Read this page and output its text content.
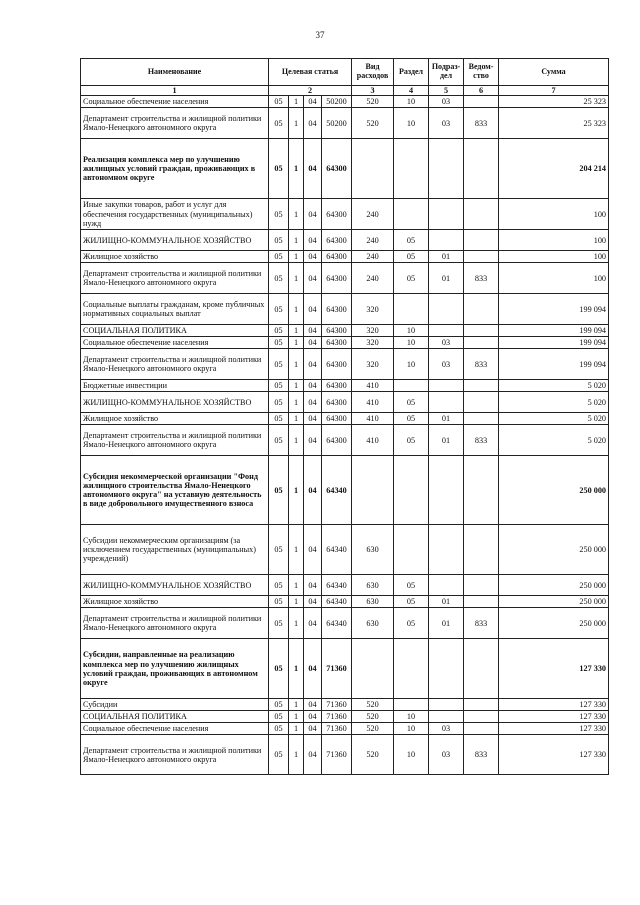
37
Наименование	Целевая статья				Вид расходов	Раздел	Подраз-дел	Ведом-ство	Сумма
1	2				3	4	5	6	7
Социальное обеспечение населения	05	1	04	50200	520	10	03		25 323
Департамент строительства и жилищной политики Ямало-Ненецкого автономного округа	05	1	04	50200	520	10	03	833	25 323
Реализация комплекса мер по улучшению жилищных условий граждан, проживающих в автономном округе	05	1	04	64300					204 214
Иные закупки товаров, работ и услуг для обеспечения государственных (муниципальных) нужд	05	1	04	64300	240				100
ЖИЛИЩНО-КОММУНАЛЬНОЕ ХОЗЯЙСТВО	05	1	04	64300	240	05			100
Жилищное хозяйство	05	1	04	64300	240	05	01		100
Департамент строительства и жилищной политики Ямало-Ненецкого автономного округа	05	1	04	64300	240	05	01	833	100
Социальные выплаты гражданам, кроме публичных нормативных социальных выплат	05	1	04	64300	320				199 094
СОЦИАЛЬНАЯ ПОЛИТИКА	05	1	04	64300	320	10			199 094
Социальное обеспечение населения	05	1	04	64300	320	10	03		199 094
Департамент строительства и жилищной политики Ямало-Ненецкого автономного округа	05	1	04	64300	320	10	03	833	199 094
Бюджетные инвестиции	05	1	04	64300	410				5 020
ЖИЛИЩНО-КОММУНАЛЬНОЕ ХОЗЯЙСТВО	05	1	04	64300	410	05			5 020
Жилищное хозяйство	05	1	04	64300	410	05	01		5 020
Департамент строительства и жилищной политики Ямало-Ненецкого автономного округа	05	1	04	64300	410	05	01	833	5 020
Субсидия некоммерческой организации "Фонд жилищного строительства Ямало-Ненецкого автономного округа" на уставную деятельность в виде добровольного имущественного взноса	05	1	04	64340					250 000
Субсидии некоммерческим организациям (за исключением государственных (муниципальных) учреждений)	05	1	04	64340	630				250 000
ЖИЛИЩНО-КОММУНАЛЬНОЕ ХОЗЯЙСТВО	05	1	04	64340	630	05			250 000
Жилищное хозяйство	05	1	04	64340	630	05	01		250 000
Департамент строительства и жилищной политики Ямало-Ненецкого автономного округа	05	1	04	64340	630	05	01	833	250 000
Субсидии, направленные на реализацию комплекса мер по улучшению жилищных условий граждан, проживающих в автономном округе	05	1	04	71360					127 330
Субсидии	05	1	04	71360	520				127 330
СОЦИАЛЬНАЯ ПОЛИТИКА	05	1	04	71360	520	10			127 330
Социальное обеспечение населения	05	1	04	71360	520	10	03		127 330
Департамент строительства и жилищной политики Ямало-Ненецкого автономного округа	05	1	04	71360	520	10	03	833	127 330
